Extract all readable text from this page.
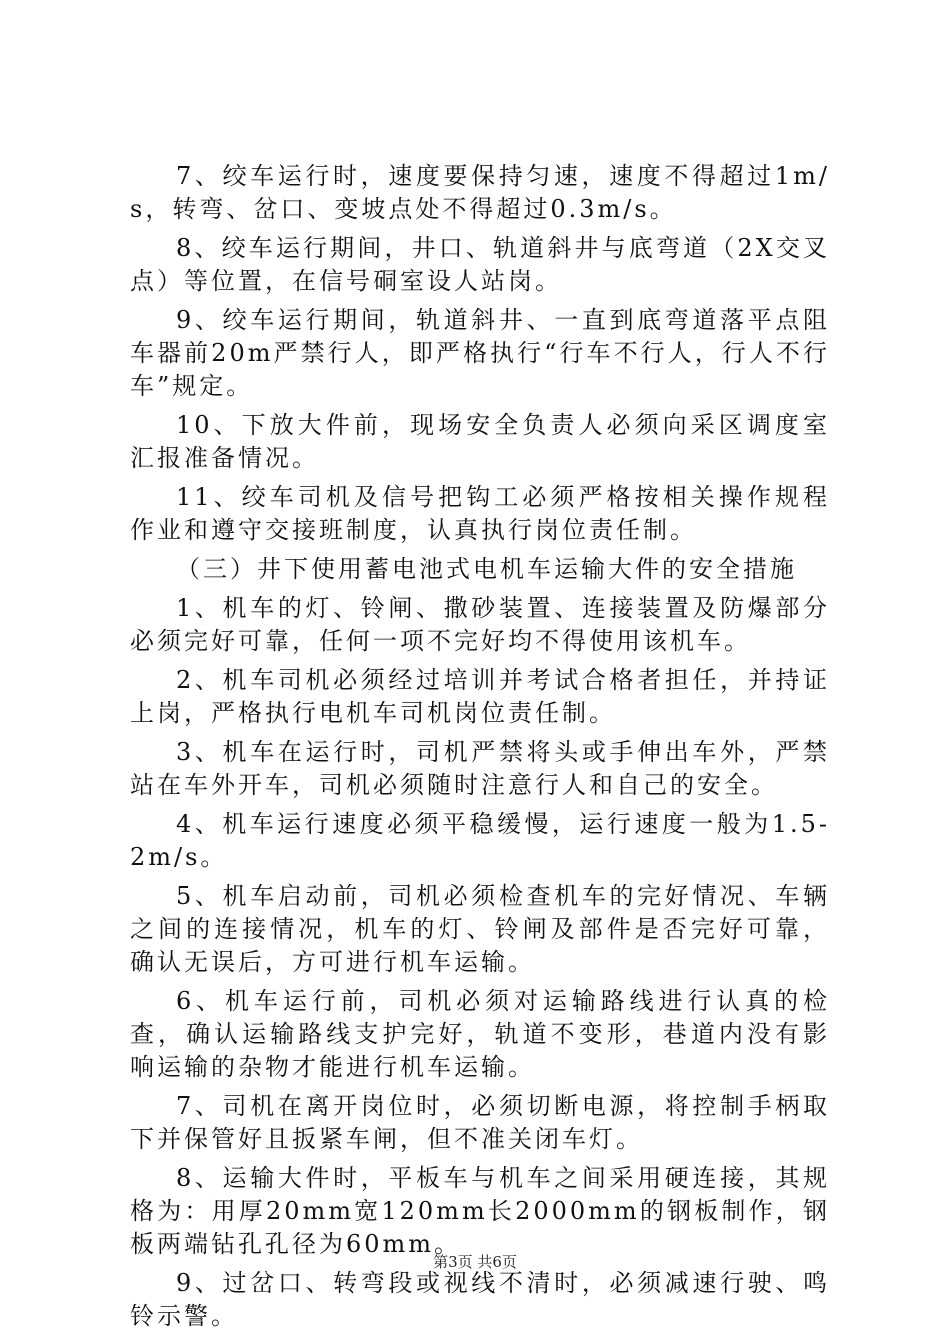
7、绞车运行时，速度要保持匀速，速度不得超过1m/s，转弯、岔口、变坡点处不得超过0.3m/s。

8、绞车运行期间，井口、轨道斜井与底弯道（2X交叉点）等位置，在信号硐室设人站岗。

9、绞车运行期间，轨道斜井、一直到底弯道落平点阻车器前20m严禁行人，即严格执行“行车不行人，行人不行车”规定。

10、下放大件前，现场安全负责人必须向采区调度室汇报准备情况。

11、绞车司机及信号把钩工必须严格按相关操作规程作业和遵守交接班制度，认真执行岗位责任制。

（三）井下使用蓄电池式电机车运输大件的安全措施

1、机车的灯、铃闸、撒砂装置、连接装置及防爆部分必须完好可靠，任何一项不完好均不得使用该机车。

2、机车司机必须经过培训并考试合格者担任，并持证上岗，严格执行电机车司机岗位责任制。

3、机车在运行时，司机严禁将头或手伸出车外，严禁站在车外开车，司机必须随时注意行人和自己的安全。

4、机车运行速度必须平稳缓慢，运行速度一般为1.5-2m/s。

5、机车启动前，司机必须检查机车的完好情况、车辆之间的连接情况，机车的灯、铃闸及部件是否完好可靠，确认无误后，方可进行机车运输。

6、机车运行前，司机必须对运输路线进行认真的检查，确认运输路线支护完好，轨道不变形，巷道内没有影响运输的杂物才能进行机车运输。

7、司机在离开岗位时，必须切断电源，将控制手柄取下并保管好且扳紧车闸，但不准关闭车灯。

8、运输大件时，平板车与机车之间采用硬连接，其规格为：用厚20mm宽120mm长2000mm的钢板制作，钢板两端钻孔孔径为60mm。

9、过岔口、转弯段或视线不清时，必须减速行驶、鸣铃示警。

第3页 共6页
